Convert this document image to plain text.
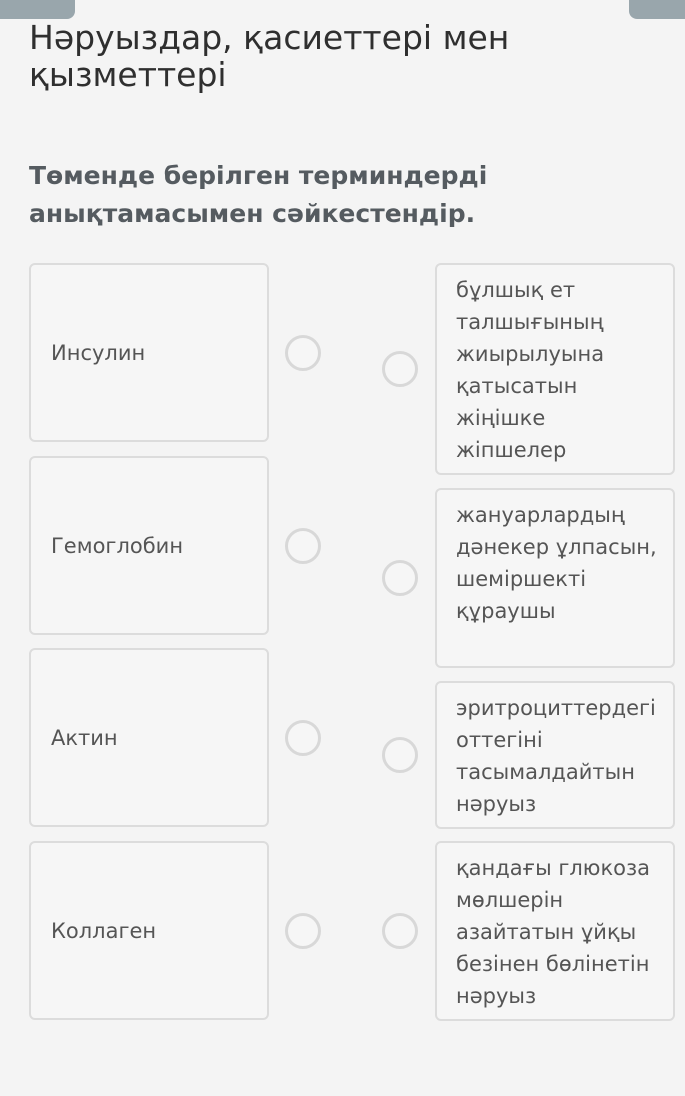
Нәруыздар, қасиеттері мен қызметтері

Төменде берілген терминдерді анықтамасымен сәйкестендір.

Инсулин
Гемоглобин
Актин
Коллаген
бұлшық ет талшығының жиырылуына қатысатын жіңішке жіпшелер
жануарлардың дәнекер ұлпасын, шеміршекті құраушы
эритроциттердегі оттегіні тасымалдайтын нәруыз
қандағы глюкоза мөлшерін азайтатын ұйқы безінен бөлінетін нәруыз
